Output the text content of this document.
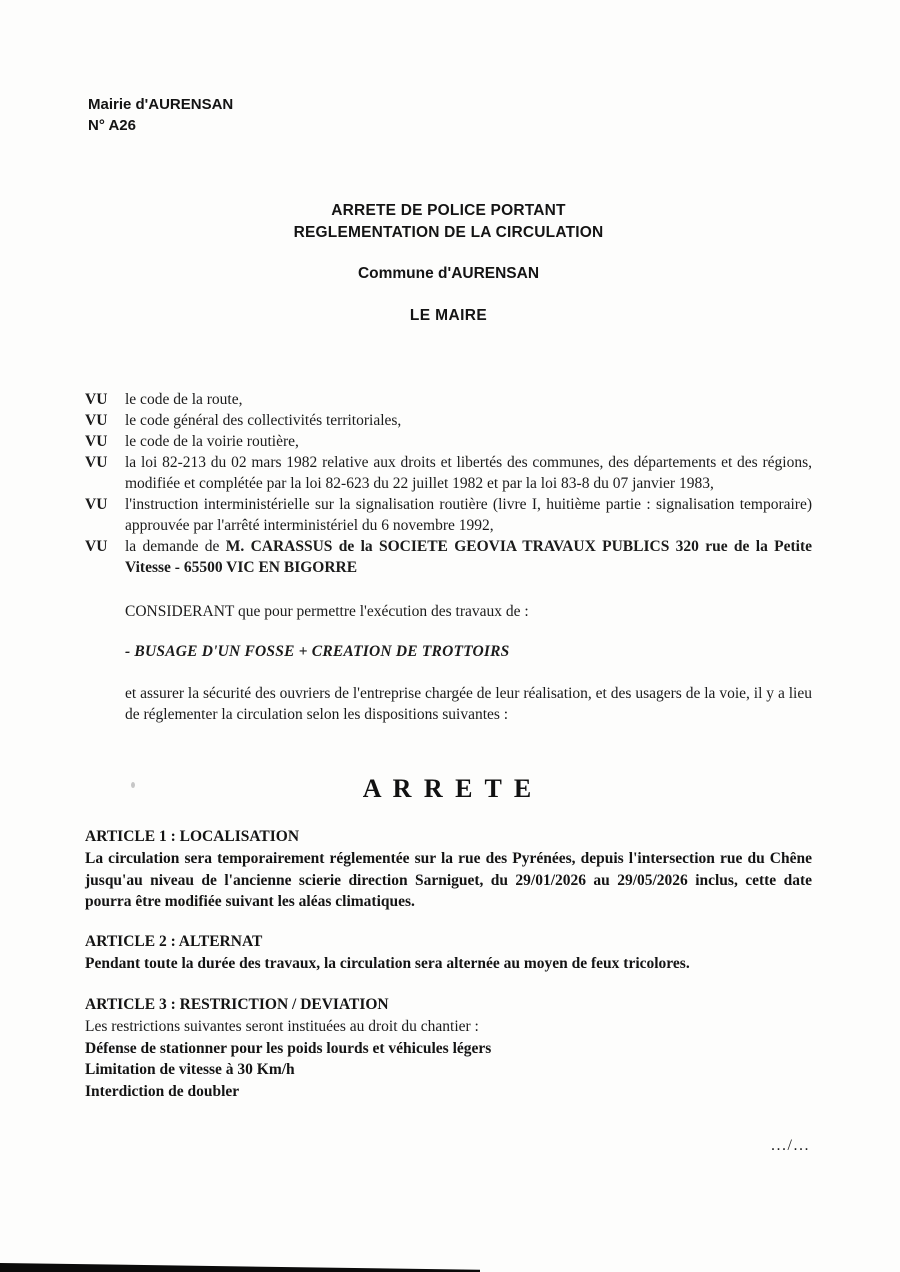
Mairie d'AURENSAN
N° A26
ARRETE DE POLICE PORTANT
REGLEMENTATION DE LA CIRCULATION
Commune d'AURENSAN
LE MAIRE
VU	le code de la route,
VU	le code général des collectivités territoriales,
VU	le code de la voirie routière,
VU	la loi 82-213 du 02 mars 1982 relative aux droits et libertés des communes, des départements et des régions, modifiée et complétée par la loi 82-623 du 22 juillet 1982 et par la loi 83-8 du 07 janvier 1983,
VU	l'instruction interministérielle sur la signalisation routière (livre I, huitième partie : signalisation temporaire) approuvée par l'arrêté interministériel du 6 novembre 1992,
VU	la demande de M. CARASSUS de la SOCIETE GEOVIA TRAVAUX PUBLICS 320 rue de la Petite Vitesse - 65500 VIC EN BIGORRE

CONSIDERANT que pour permettre l'exécution des travaux de :

- BUSAGE D'UN FOSSE + CREATION DE TROTTOIRS

et assurer la sécurité des ouvriers de l'entreprise chargée de leur réalisation, et des usagers de la voie, il y a lieu de réglementer la circulation selon les dispositions suivantes :

A R R E T E
ARTICLE 1 : LOCALISATION

La circulation sera temporairement réglementée sur la rue des Pyrénées, depuis l'intersection rue du Chêne jusqu'au niveau de l'ancienne scierie direction Sarniguet, du 29/01/2026 au 29/05/2026 inclus, cette date pourra être modifiée suivant les aléas climatiques.

ARTICLE 2 : ALTERNAT

Pendant toute la durée des travaux, la circulation sera alternée au moyen de feux tricolores.

ARTICLE 3 : RESTRICTION / DEVIATION

Les restrictions suivantes seront instituées au droit du chantier :

Défense de stationner pour les poids lourds et véhicules légers

Limitation de vitesse à 30 Km/h

Interdiction de doubler

.../...
